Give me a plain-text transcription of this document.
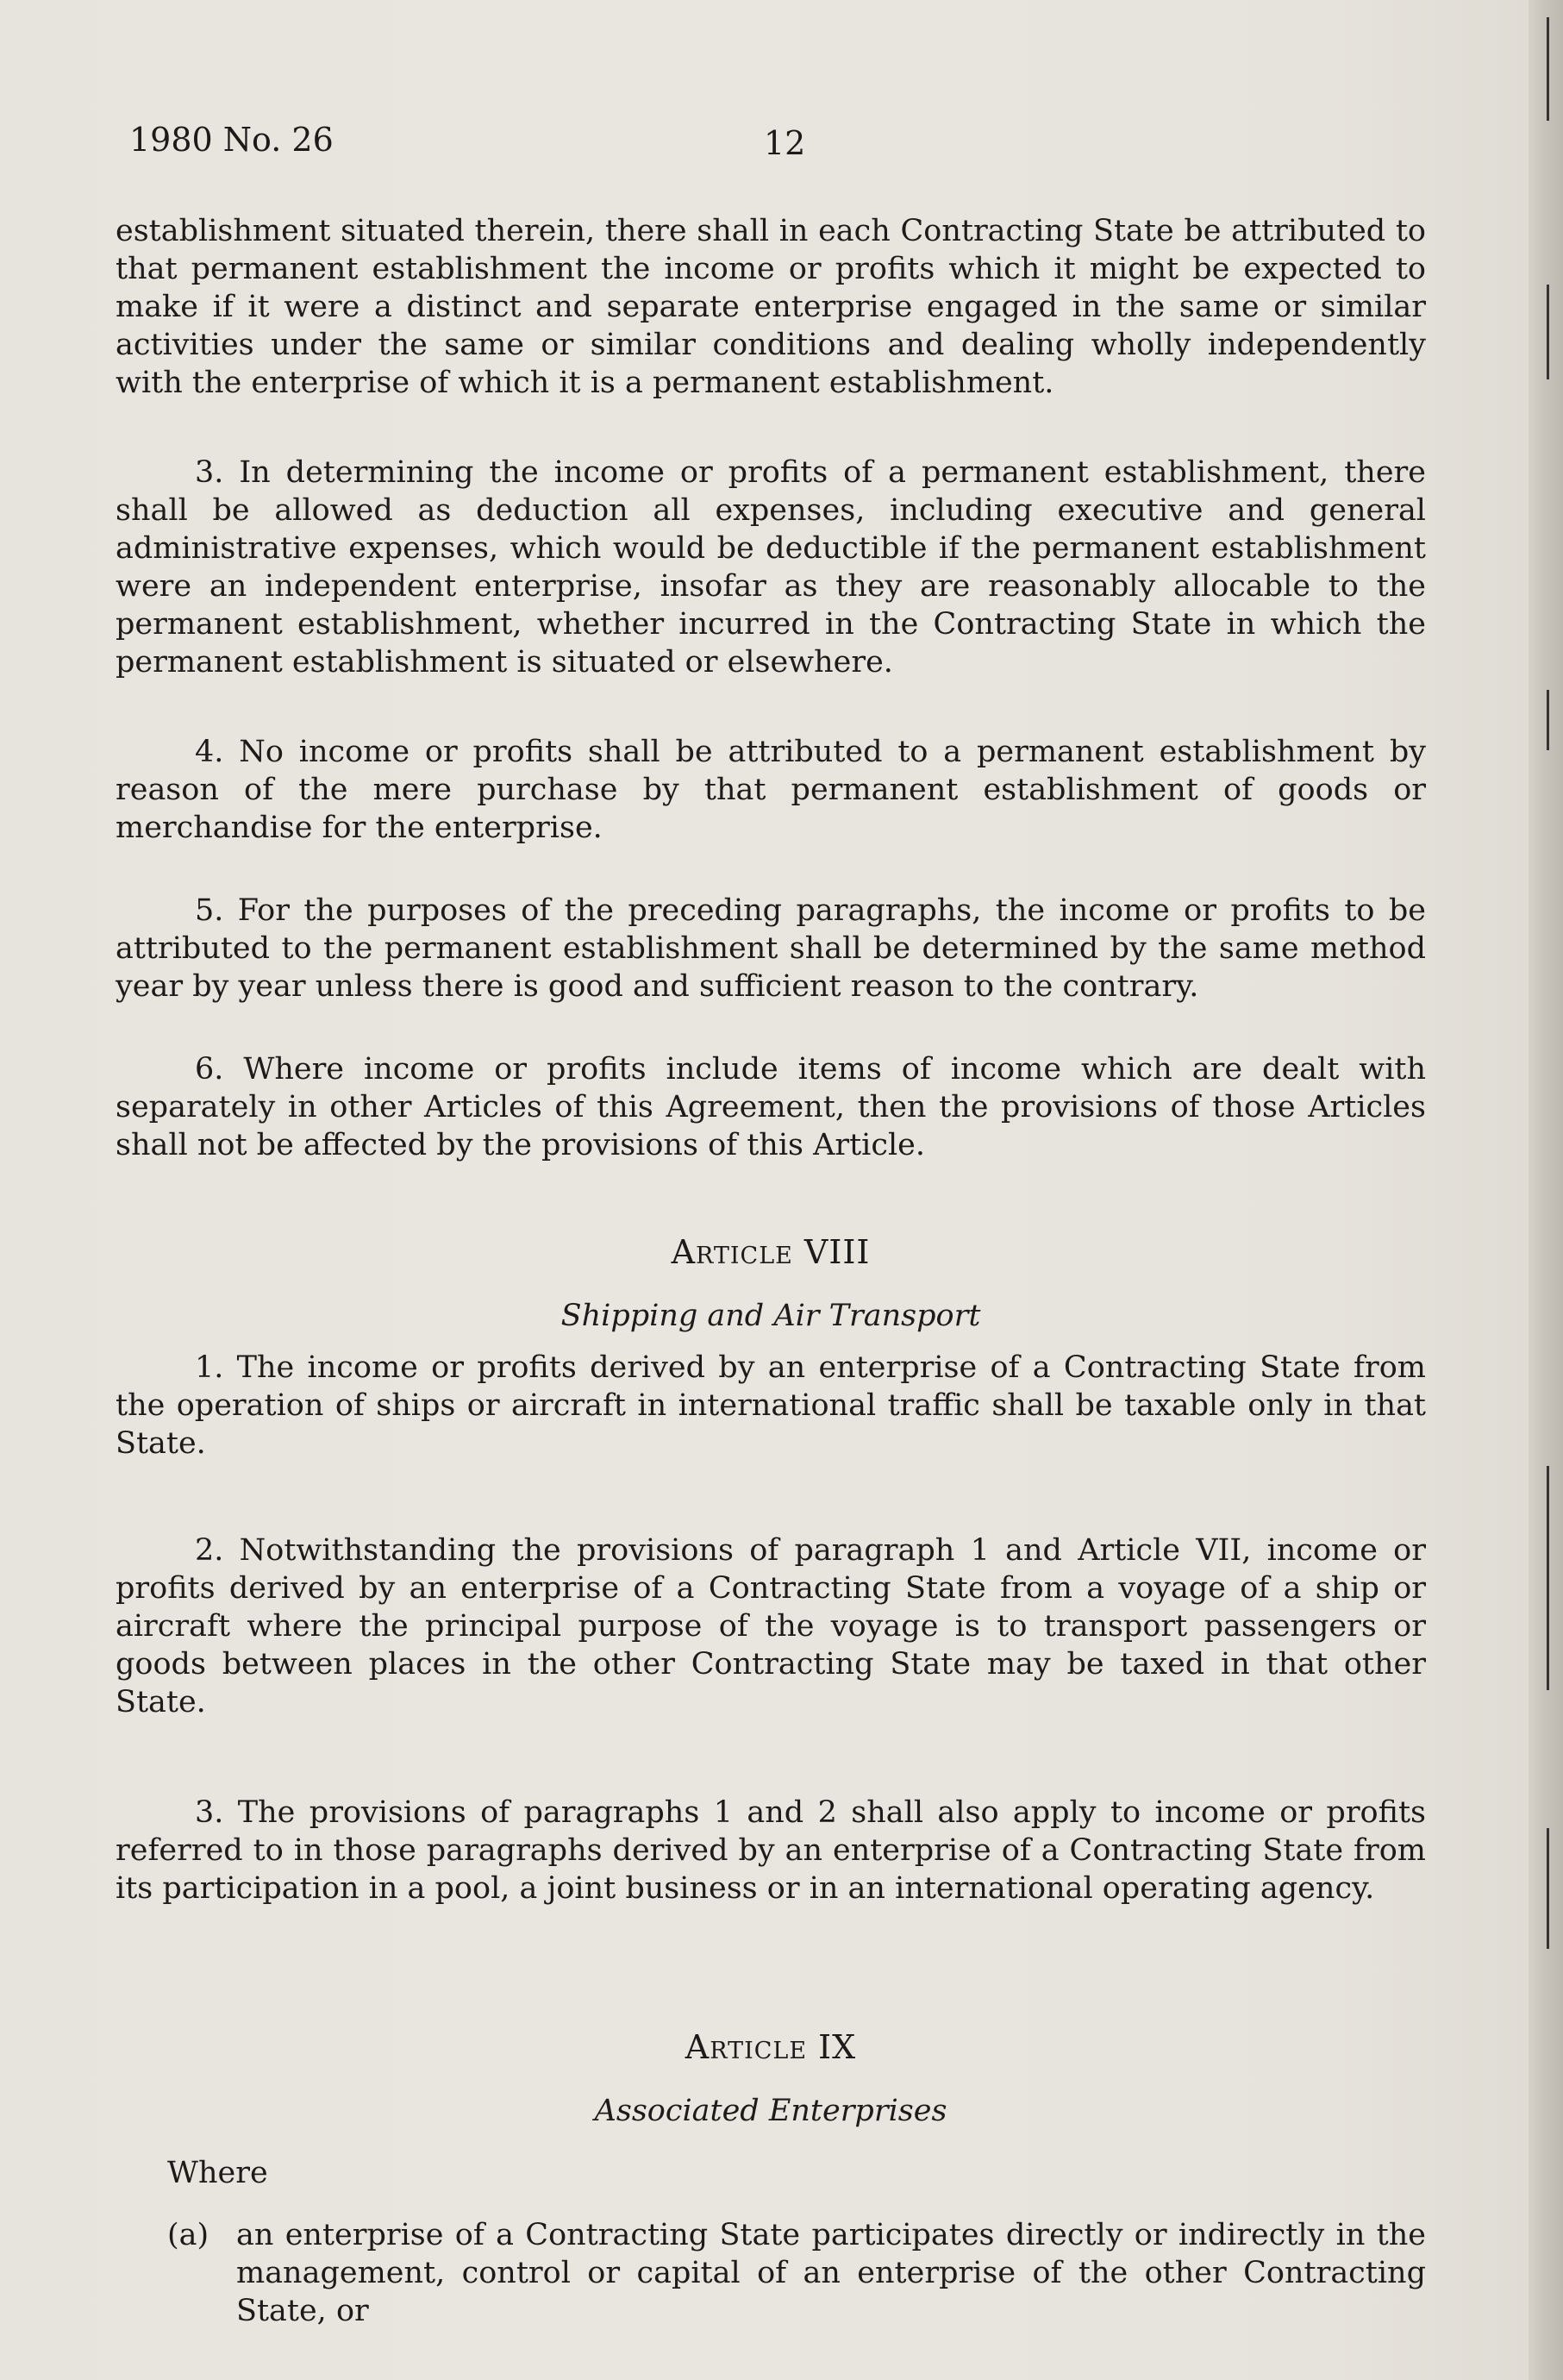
1980 No. 26	12

establishment situated therein, there shall in each Contracting State be attributed to that permanent establishment the income or profits which it might be expected to make if it were a distinct and separate enterprise engaged in the same or similar activities under the same or similar conditions and dealing wholly independently with the enterprise of which it is a permanent establishment.

3. In determining the income or profits of a permanent establishment, there shall be allowed as deduction all expenses, including executive and general administrative expenses, which would be deductible if the permanent establishment were an independent enterprise, insofar as they are reasonably allocable to the permanent establishment, whether incurred in the Contracting State in which the permanent establishment is situated or elsewhere.

4. No income or profits shall be attributed to a permanent establishment by reason of the mere purchase by that permanent establishment of goods or merchandise for the enterprise.

5. For the purposes of the preceding paragraphs, the income or profits to be attributed to the permanent establishment shall be determined by the same method year by year unless there is good and sufficient reason to the contrary.

6. Where income or profits include items of income which are dealt with separately in other Articles of this Agreement, then the provisions of those Articles shall not be affected by the provisions of this Article.

Article VIII

Shipping and Air Transport

1. The income or profits derived by an enterprise of a Contracting State from the operation of ships or aircraft in international traffic shall be taxable only in that State.

2. Notwithstanding the provisions of paragraph 1 and Article VII, income or profits derived by an enterprise of a Contracting State from a voyage of a ship or aircraft where the principal purpose of the voyage is to transport passengers or goods between places in the other Contracting State may be taxed in that other State.

3. The provisions of paragraphs 1 and 2 shall also apply to income or profits referred to in those paragraphs derived by an enterprise of a Contracting State from its participation in a pool, a joint business or in an international operating agency.

Article IX

Associated Enterprises

Where

(a) an enterprise of a Contracting State participates directly or indirectly in the management, control or capital of an enterprise of the other Contracting State, or
